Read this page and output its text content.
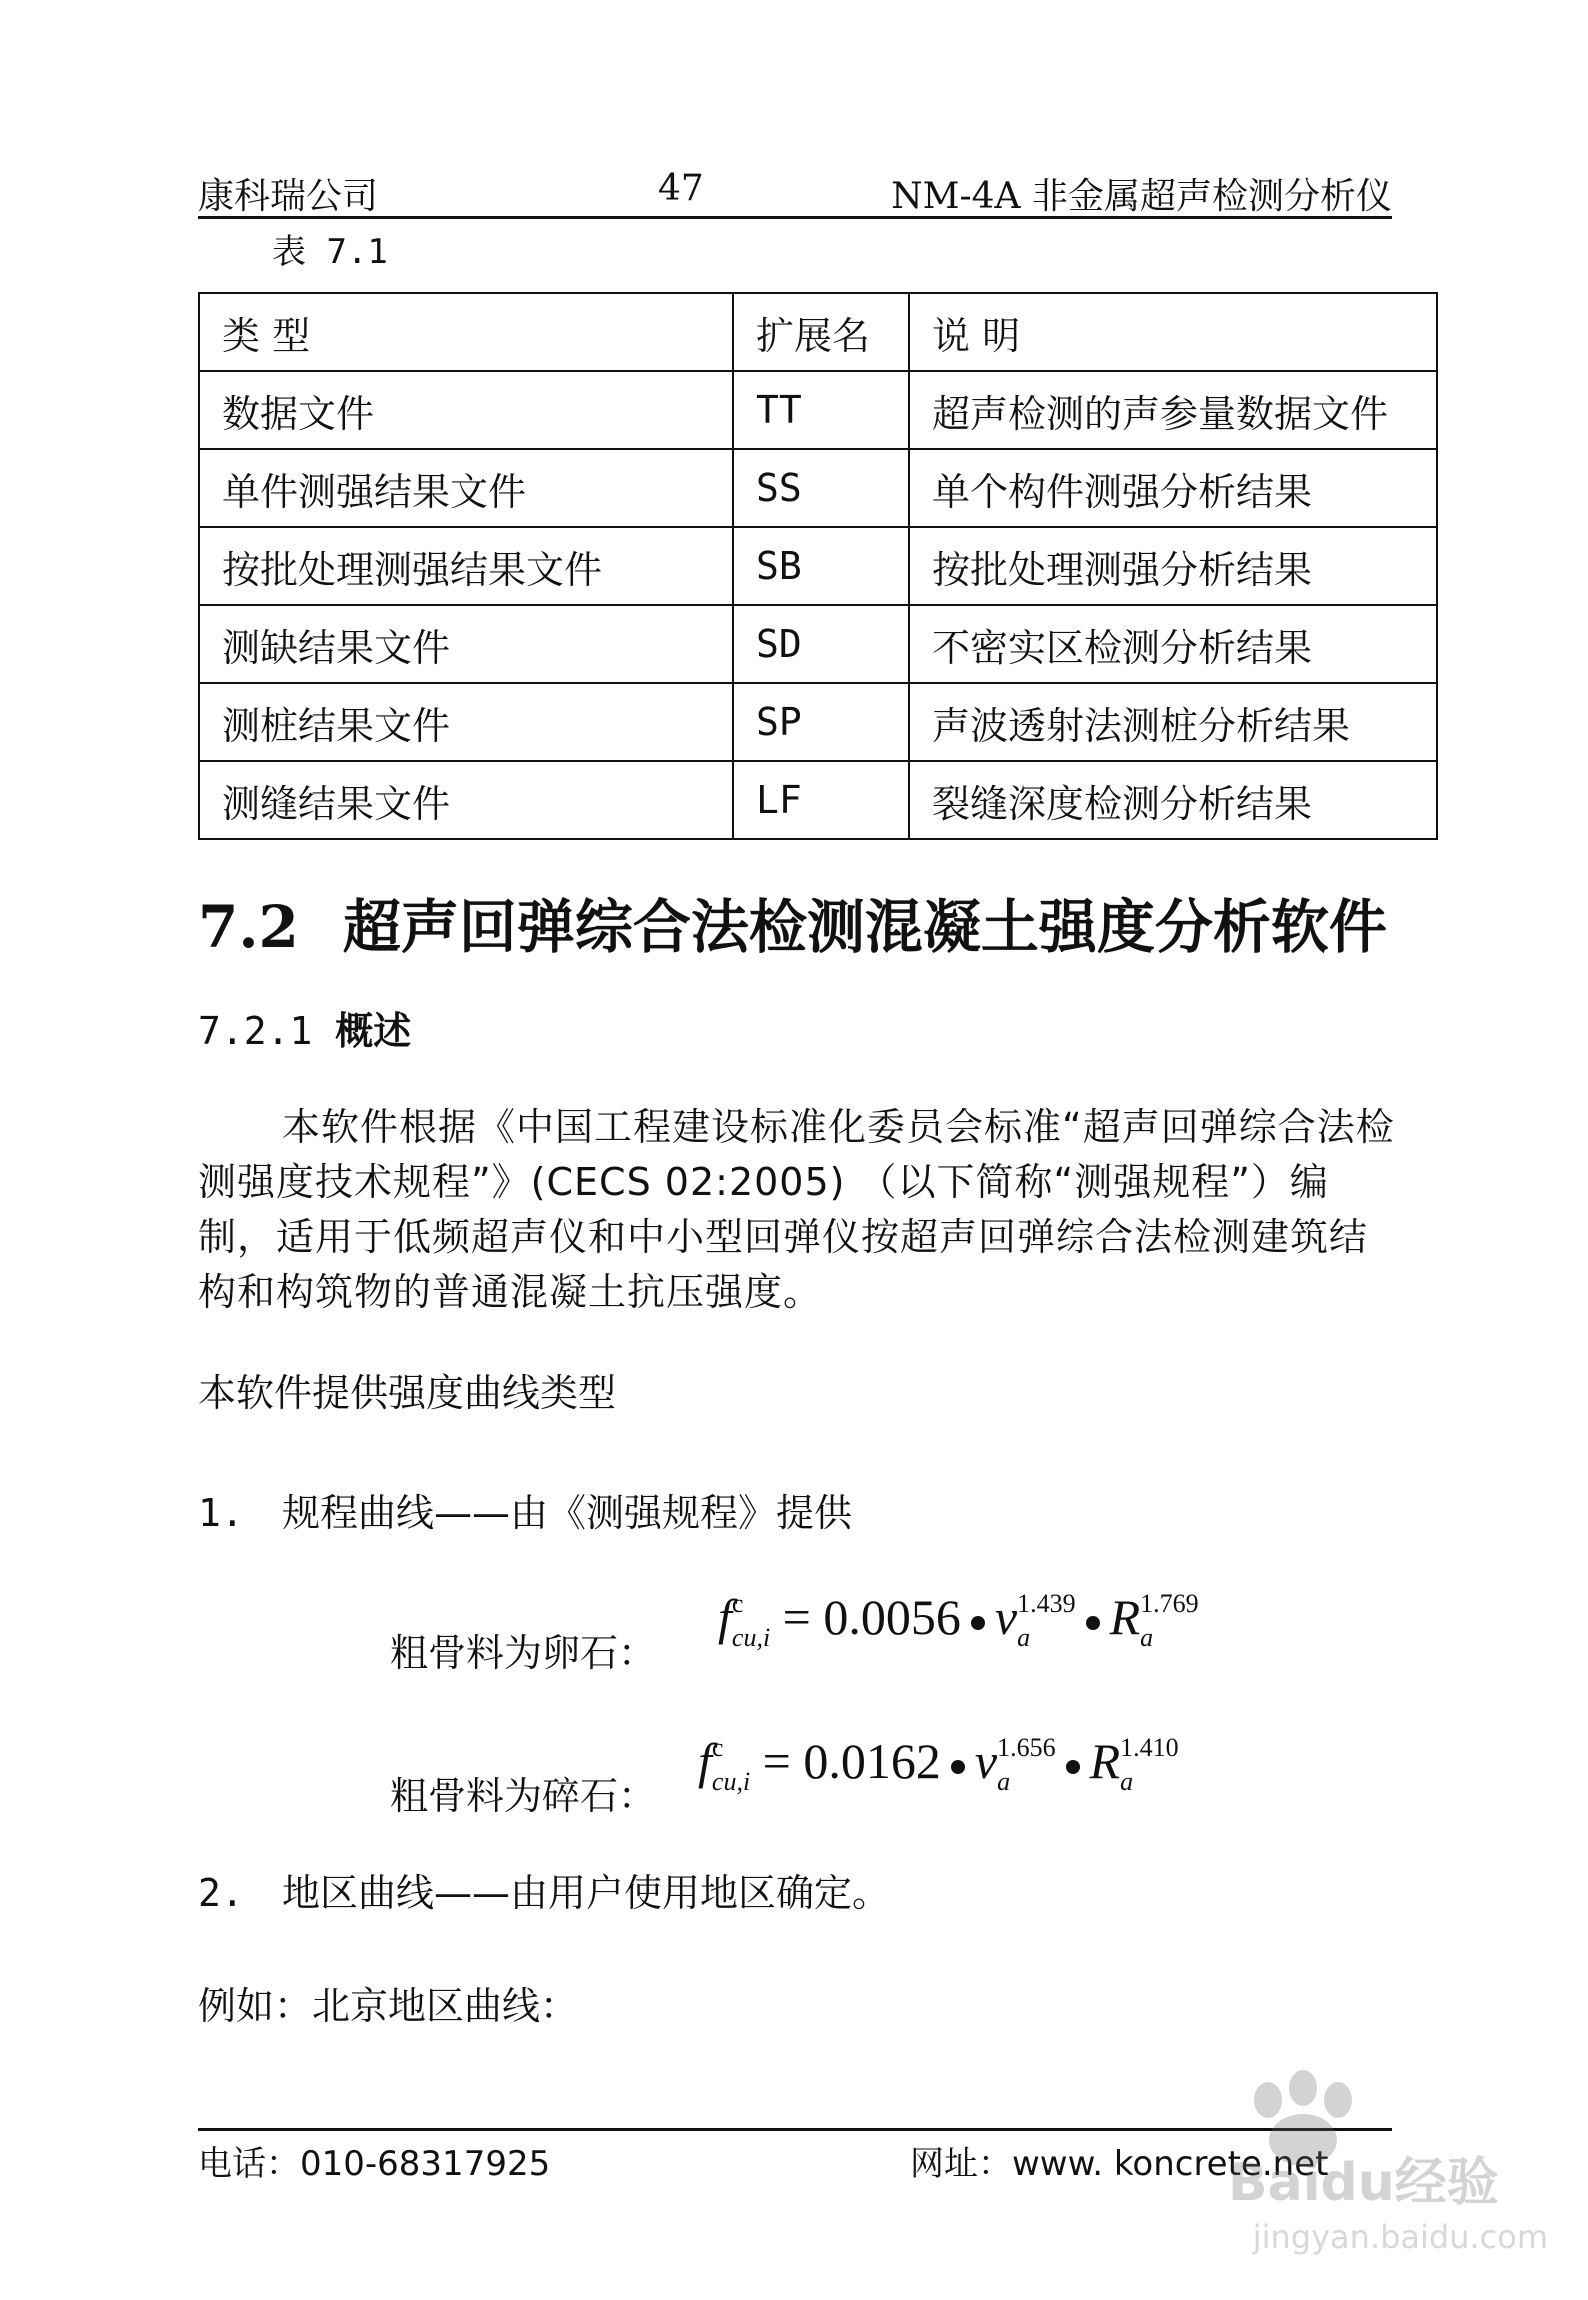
康科瑞公司	47	NM-4A 非金属超声检测分析仪
表 7.1
类 型	扩展名	说 明
数据文件	TT	超声检测的声参量数据文件
单件测强结果文件	SS	单个构件测强分析结果
按批处理测强结果文件	SB	按批处理测强分析结果
测缺结果文件	SD	不密实区检测分析结果
测桩结果文件	SP	声波透射法测桩分析结果
测缝结果文件	LF	裂缝深度检测分析结果
7.2 超声回弹综合法检测混凝土强度分析软件
7.2.1 概述
本软件根据《中国工程建设标准化委员会标准“超声回弹综合法检测强度技术规程”》(CECS 02:2005) （以下简称“测强规程”）编制，适用于低频超声仪和中小型回弹仪按超声回弹综合法检测建筑结构和构筑物的普通混凝土抗压强度。
本软件提供强度曲线类型
1. 规程曲线——由《测强规程》提供
粗骨料为卵石：
f c
cu,i = 0.0056 v 1.439
a	R 1.769
a
粗骨料为碎石：
f c
cu,i = 0.0162 v 1.656
a	R 1.410
a
2. 地区曲线——由用户使用地区确定。
例如：北京地区曲线：
电话：010-68317925	网址：www. koncrete.net
Baidu经验
jingyan.baidu.com
